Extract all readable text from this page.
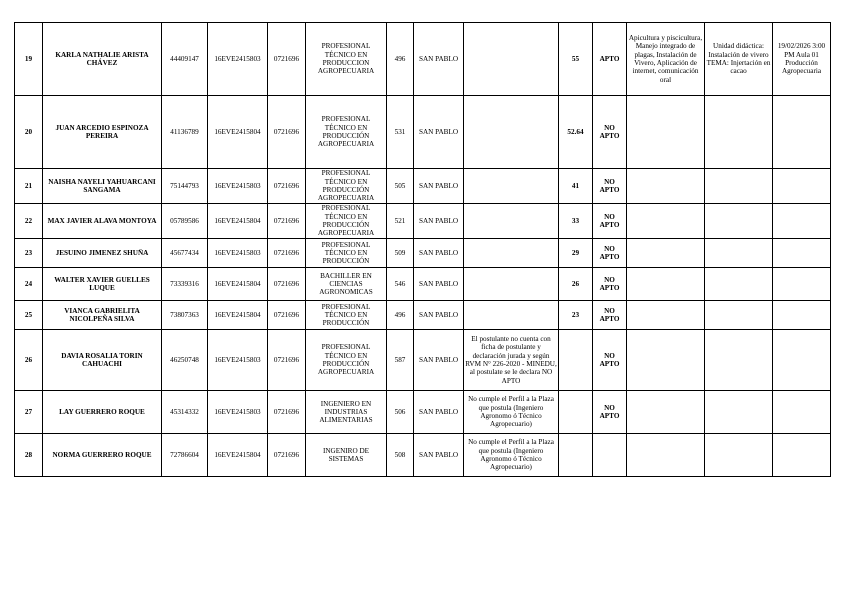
19	KARLA NATHALIE ARISTA CHÁVEZ	44409147	16EVE2415803	0721696	PROFESIONAL TÉCNICO EN PRODUCCION AGROPECUARIA	496	SAN PABLO		55	APTO	Apicultura y piscicultura, Manejo integrado de plagas, Instalación de Vivero, Aplicación de internet, comunicación oral	Unidad didáctica: Instalación de vivero TEMA: Injertación en cacao	19/02/2026 3:00 PM Aula 01 Producción Agropecuaria

20	JUAN ARCEDIO ESPINOZA PEREIRA	41136789	16EVE2415804	0721696	PROFESIONAL TÉCNICO EN PRODUCCIÓN AGROPECUARIA	531	SAN PABLO		52.64	NO APTO			

21	NAISHA NAYELI YAHUARCANI SANGAMA	75144793	16EVE2415803	0721696	PROFESIONAL TÉCNICO EN PRODUCCIÓN AGROPECUARIA	505	SAN PABLO		41	NO APTO			

22	MAX JAVIER ALAVA MONTOYA	05789586	16EVE2415804	0721696	PROFESIONAL TÉCNICO EN PRODUCCIÓN AGROPECUARIA	521	SAN PABLO		33	NO APTO			

23	JESUINO JIMENEZ SHUÑA	45677434	16EVE2415803	0721696	PROFESIONAL TÉCNICO EN PRODUCCIÓN	509	SAN PABLO		29	NO APTO			

24	WALTER XAVIER GUELLES LUQUE	73339316	16EVE2415804	0721696	BACHILLER EN CIENCIAS AGRONOMICAS	546	SAN PABLO		26	NO APTO			

25	VIANCA GABRIELITA NICOLPEÑA SILVA	73807363	16EVE2415804	0721696	PROFESIONAL TÉCNICO EN PRODUCCIÓN	496	SAN PABLO		23	NO APTO			

26	DAVIA ROSALIA TORIN CAHUACHI	46250748	16EVE2415803	0721696	PROFESIONAL TÉCNICO EN PRODUCCIÓN AGROPECUARIA	587	SAN PABLO	El postulante no cuenta con ficha de postulante y declaración jurada y según RVM N° 226-2020 - MINEDU, al postulate se le declara NO APTO		NO APTO			

27	LAY GUERRERO ROQUE	45314332	16EVE2415803	0721696	INGENIERO EN INDUSTRIAS ALIMENTARIAS	506	SAN PABLO	No cumple el Perfil a la Plaza que postula (Ingeniero Agronomo ó Técnico Agropecuario)		NO APTO			

28	NORMA GUERRERO ROQUE	72786604	16EVE2415804	0721696	INGENIRO DE SISTEMAS	508	SAN PABLO	No cumple el Perfil a la Plaza que postula (Ingeniero Agronomo ó Técnico Agropecuario)					
